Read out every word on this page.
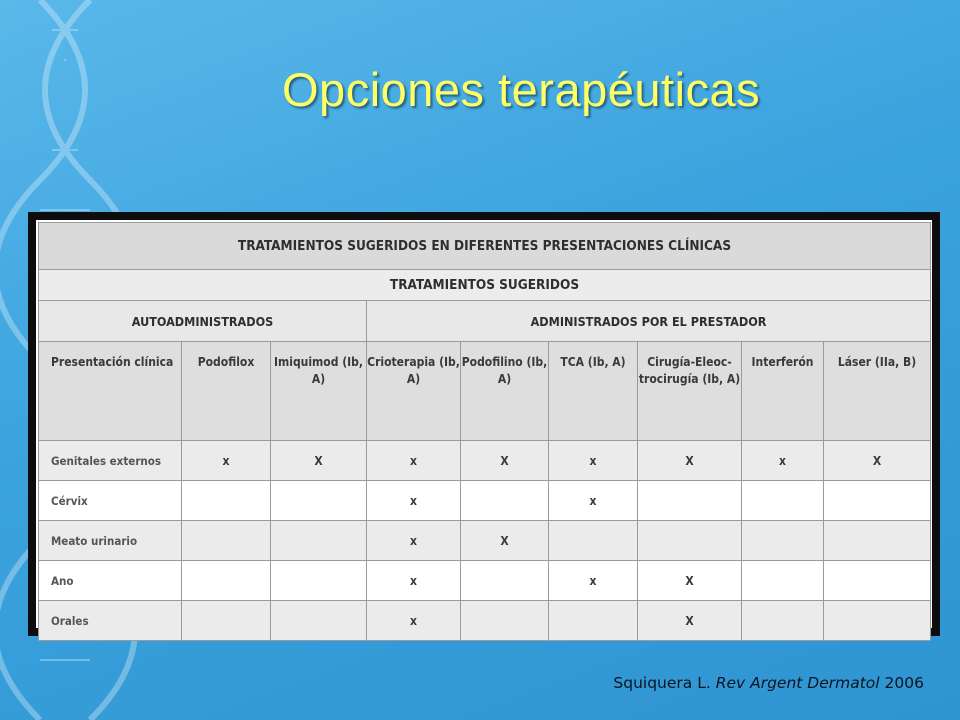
Opciones terapéuticas
TRATAMIENTOS SUGERIDOS EN DIFERENTES PRESENTACIONES CLÍNICAS								
TRATAMIENTOS SUGERIDOS								
AUTOADMINISTRADOS			ADMINISTRADOS POR EL PRESTADOR					
Presentación clínica	Podofilox	Imiquimod (Ib, A)	Crioterapia (Ib, A)	Podofilino (Ib, A)	TCA (Ib, A)	Cirugía-Eleoc-trocirugía (Ib, A)	Interferón	Láser (IIa, B)
Genitales externos	x	X	x	X	x	X	x	X
Cérvix			x		x			
Meato urinario			x	X				
Ano			x		x	X		
Orales			x			X		
Squiquera L. Rev Argent Dermatol 2006
